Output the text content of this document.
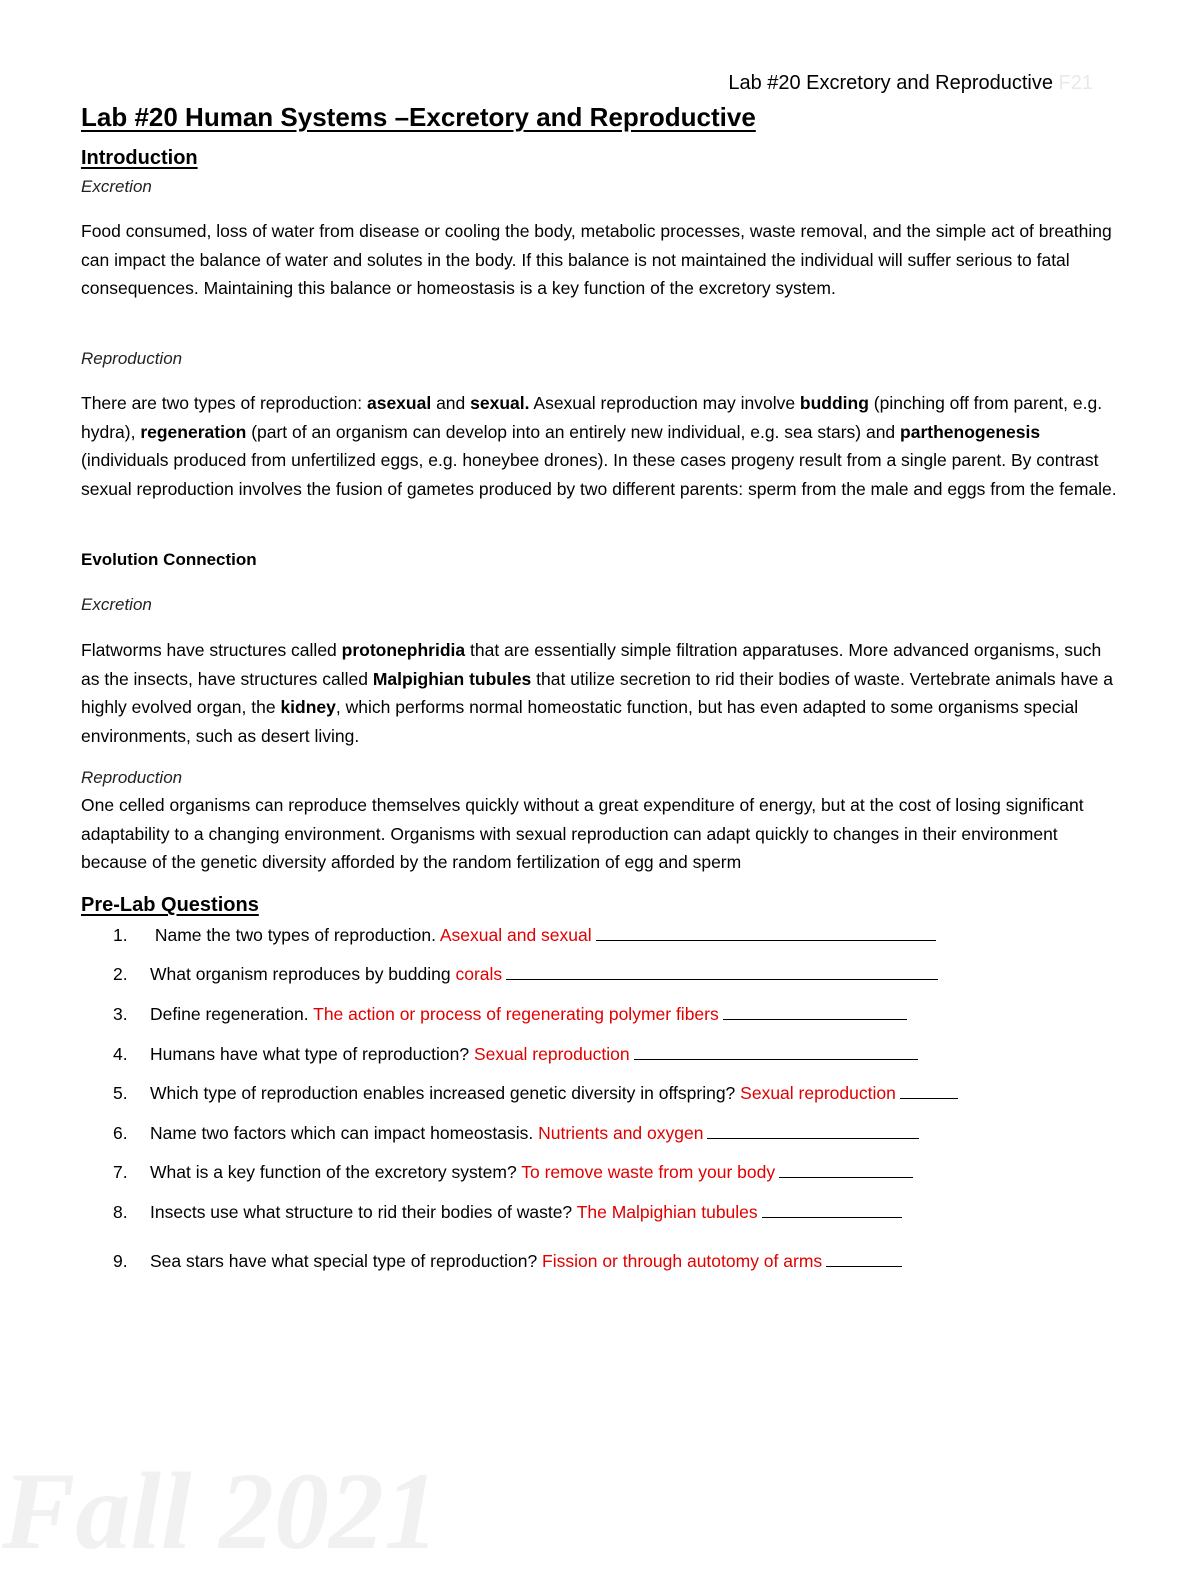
Lab #20 Excretory and Reproductive F21
Lab #20 Human Systems –Excretory and Reproductive
Introduction
Excretion

Food consumed, loss of water from disease or cooling the body, metabolic processes, waste removal, and the simple act of breathing can impact the balance of water and solutes in the body. If this balance is not maintained the individual will suffer serious to fatal consequences. Maintaining this balance or homeostasis is a key function of the excretory system.

Reproduction

There are two types of reproduction: asexual and sexual. Asexual reproduction may involve budding (pinching off from parent, e.g. hydra), regeneration (part of an organism can develop into an entirely new individual, e.g. sea stars) and parthenogenesis (individuals produced from unfertilized eggs, e.g. honeybee drones). In these cases progeny result from a single parent. By contrast sexual reproduction involves the fusion of gametes produced by two different parents: sperm from the male and eggs from the female.

Evolution Connection
Excretion

Flatworms have structures called protonephridia that are essentially simple filtration apparatuses. More advanced organisms, such as the insects, have structures called Malpighian tubules that utilize secretion to rid their bodies of waste. Vertebrate animals have a highly evolved organ, the kidney, which performs normal homeostatic function, but has even adapted to some organisms special environments, such as desert living.

Reproduction

One celled organisms can reproduce themselves quickly without a great expenditure of energy, but at the cost of losing significant adaptability to a changing environment. Organisms with sexual reproduction can adapt quickly to changes in their environment because of the genetic diversity afforded by the random fertilization of egg and sperm

Pre-Lab Questions
1. Name the two types of reproduction. Asexual and sexual
2. What organism reproduces by budding corals
3. Define regeneration. The action or process of regenerating polymer fibers
4. Humans have what type of reproduction? Sexual reproduction
5. Which type of reproduction enables increased genetic diversity in offspring? Sexual reproduction
6. Name two factors which can impact homeostasis. Nutrients and oxygen
7. What is a key function of the excretory system? To remove waste from your body
8. Insects use what structure to rid their bodies of waste? The Malpighian tubules
9. Sea stars have what special type of reproduction? Fission or through autotomy of arms
Fall 2021
